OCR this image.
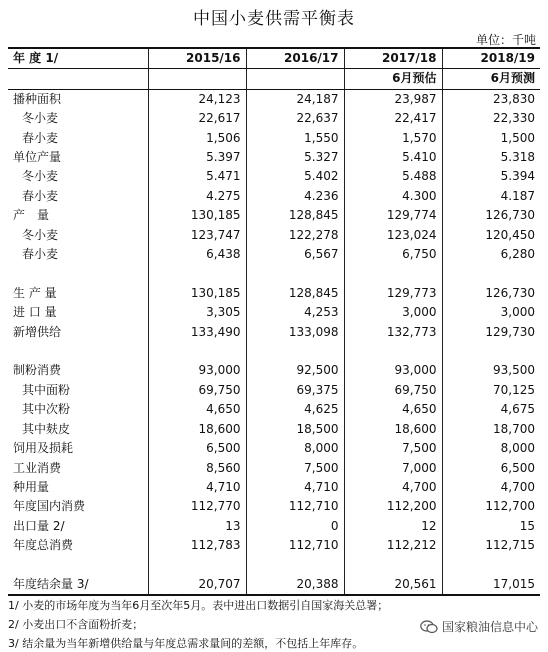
中国小麦供需平衡表
单位：千吨
年 度 1/	2015/16	2016/17	2017/18	2018/19
			6月预估	6月预测
播种面积	24,123	24,187	23,987	23,830
冬小麦	22,617	22,637	22,417	22,330
春小麦	1,506	1,550	1,570	1,500
单位产量	5.397	5.327	5.410	5.318
冬小麦	5.471	5.402	5.488	5.394
春小麦	4.275	4.236	4.300	4.187
产　量	130,185	128,845	129,774	126,730
冬小麦	123,747	122,278	123,024	120,450
春小麦	6,438	6,567	6,750	6,280

生 产 量	130,185	128,845	129,773	126,730
进 口 量	3,305	4,253	3,000	3,000
新增供给	133,490	133,098	132,773	129,730

制粉消费	93,000	92,500	93,000	93,500
其中面粉	69,750	69,375	69,750	70,125
其中次粉	4,650	4,625	4,650	4,675
其中麸皮	18,600	18,500	18,600	18,700
饲用及损耗	6,500	8,000	7,500	8,000
工业消费	8,560	7,500	7,000	6,500
种用量	4,710	4,710	4,700	4,700
年度国内消费	112,770	112,710	112,200	112,700
出口量 2/	13	0	12	15
年度总消费	112,783	112,710	112,212	112,715

年度结余量 3/	20,707	20,388	20,561	17,015
1/ 小麦的市场年度为当年6月至次年5月。表中进出口数据引自国家海关总署；
2/ 小麦出口不含面粉折麦；
3/ 结余量为当年新增供给量与年度总需求量间的差额，不包括上年库存。
国家粮油信息中心
